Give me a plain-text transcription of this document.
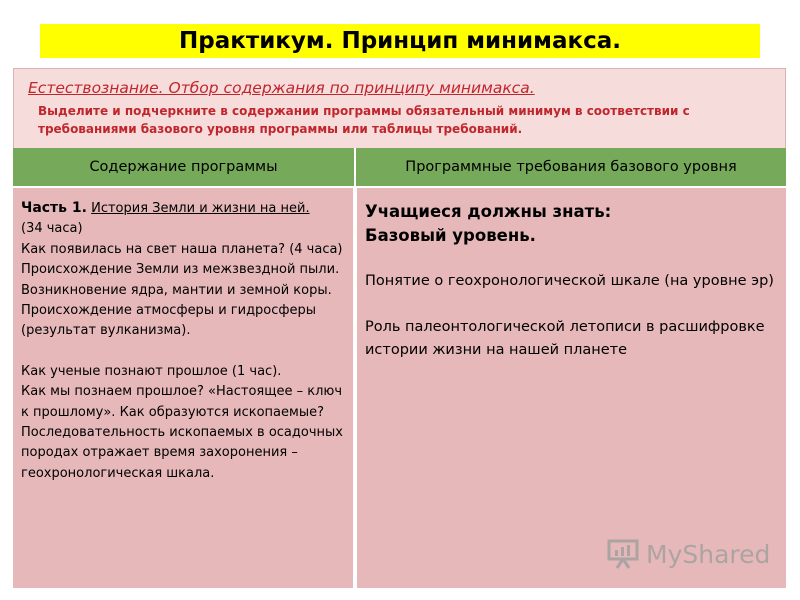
Практикум. Принцип минимакса.
Естествознание. Отбор содержания по принципу минимакса.
Выделите и подчеркните в содержании программы обязательный минимум в соответствии с требованиями базового уровня программы или таблицы требований.
Содержание программы	Программные требования базового уровня

Часть 1. История Земли и жизни на ней.

(34 часа)

Как появилась на свет наша планета? (4 часа)

Происхождение Земли из межзвездной пыли. Возникновение ядра, мантии и земной коры. Происхождение атмосферы и гидросферы (результат вулканизма).

Как ученые познают прошлое (1 час).

Как мы познаем прошлое? «Настоящее – ключ к прошлому». Как образуются ископаемые? Последовательность ископаемых в осадочных породах отражает время захоронения – геохронологическая шкала.

Учащиеся должны знать:

Базовый уровень.

Понятие о геохронологической шкале (на уровне эр)

Роль палеонтологической летописи в расшифровке истории жизни на нашей планете

MyShared
